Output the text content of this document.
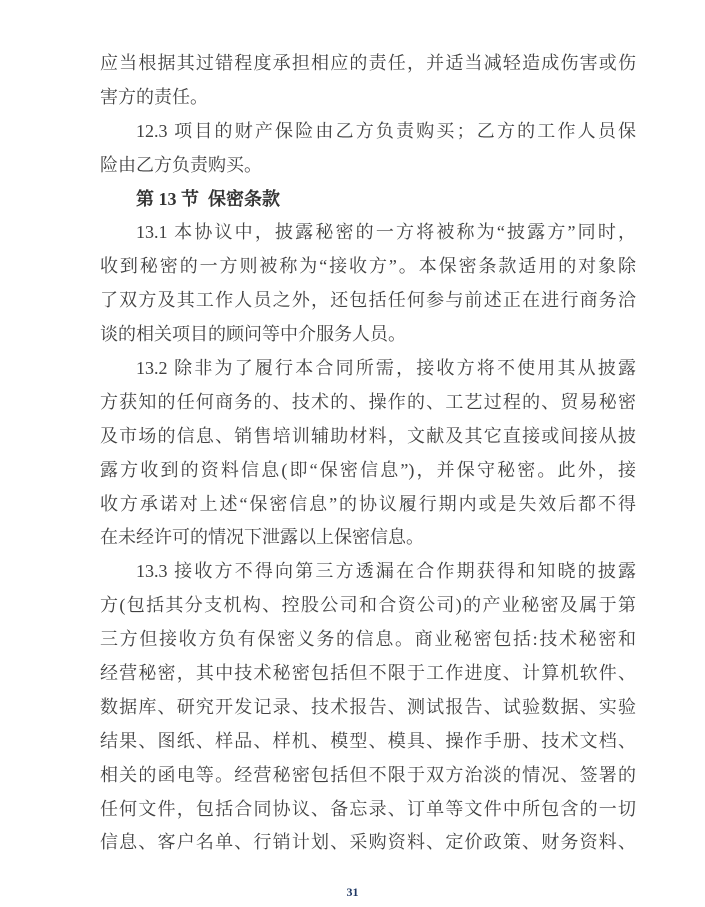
应当根据其过错程度承担相应的责任，并适当减轻造成伤害或伤
害方的责任。
12.3 项目的财产保险由乙方负责购买；乙方的工作人员保
险由乙方负责购买。
第 13 节  保密条款
13.1 本协议中，披露秘密的一方将被称为“披露方”同时，
收到秘密的一方则被称为“接收方”。本保密条款适用的对象除
了双方及其工作人员之外，还包括任何参与前述正在进行商务洽
谈的相关项目的顾问等中介服务人员。
13.2 除非为了履行本合同所需，接收方将不使用其从披露
方获知的任何商务的、技术的、操作的、工艺过程的、贸易秘密
及市场的信息、销售培训辅助材料，文献及其它直接或间接从披
露方收到的资料信息(即“保密信息”)，并保守秘密。此外，接
收方承诺对上述“保密信息”的协议履行期内或是失效后都不得
在未经许可的情况下泄露以上保密信息。
13.3 接收方不得向第三方透漏在合作期获得和知晓的披露
方(包括其分支机构、控股公司和合资公司)的产业秘密及属于第
三方但接收方负有保密义务的信息。商业秘密包括:技术秘密和
经营秘密，其中技术秘密包括但不限于工作进度、计算机软件、
数据库、研究开发记录、技术报告、测试报告、试验数据、实验
结果、图纸、样品、样机、模型、模具、操作手册、技术文档、
相关的函电等。经营秘密包括但不限于双方治淡的情况、签署的
任何文件，包括合同协议、备忘录、订单等文件中所包含的一切
信息、客户名单、行销计划、采购资料、定价政策、财务资料、
31
